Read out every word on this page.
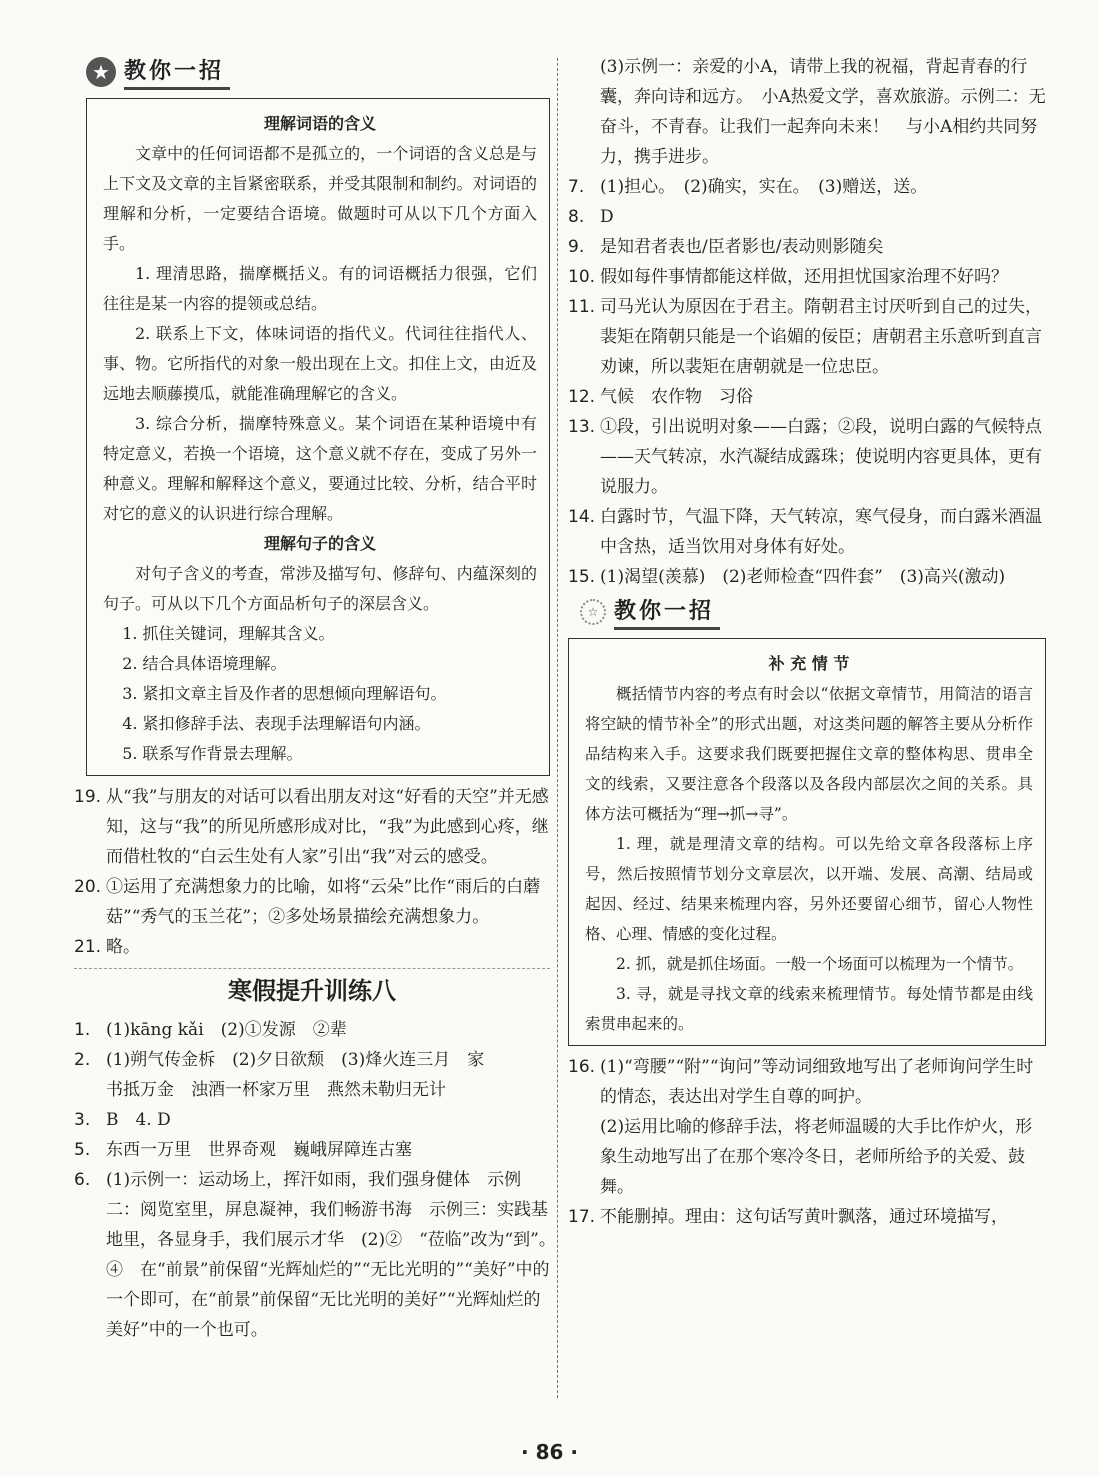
★ 教你一招
理解词语的含义

文章中的任何词语都不是孤立的，一个词语的含义总是与上下文及文章的主旨紧密联系，并受其限制和制约。对词语的理解和分析，一定要结合语境。做题时可从以下几个方面入手。

1. 理清思路，揣摩概括义。有的词语概括力很强，它们往往是某一内容的提领或总结。

2. 联系上下文，体味词语的指代义。代词往往指代人、事、物。它所指代的对象一般出现在上文。扣住上文，由近及远地去顺藤摸瓜，就能准确理解它的含义。

3. 综合分析，揣摩特殊意义。某个词语在某种语境中有特定意义，若换一个语境，这个意义就不存在，变成了另外一种意义。理解和解释这个意义，要通过比较、分析，结合平时对它的意义的认识进行综合理解。

理解句子的含义

对句子含义的考查，常涉及描写句、修辞句、内蕴深刻的句子。可从以下几个方面品析句子的深层含义。

1. 抓住关键词，理解其含义。
2. 结合具体语境理解。
3. 紧扣文章主旨及作者的思想倾向理解语句。
4. 紧扣修辞手法、表现手法理解语句内涵。
5. 联系写作背景去理解。
19. 从“我”与朋友的对话可以看出朋友对这“好看的天空”并无感知，这与“我”的所见所感形成对比，“我”为此感到心疼，继而借杜牧的“白云生处有人家”引出“我”对云的感受。
20. ①运用了充满想象力的比喻，如将“云朵”比作“雨后的白蘑菇”“秀气的玉兰花”；②多处场景描绘充满想象力。
21. 略。
寒假提升训练八
1. (1)kāng kǎi　(2)①发源　②辈
2. (1)朔气传金柝　(2)夕日欲颓　(3)烽火连三月　家
书抵万金　浊酒一杯家万里　燕然未勒归无计
3. B　4. D
5. 东西一万里　世界奇观　巍峨屏障连古塞
6. (1)示例一：运动场上，挥汗如雨，我们强身健体　示例二：阅览室里，屏息凝神，我们畅游书海　示例三：实践基地里，各显身手，我们展示才华　(2)②　“莅临”改为“到”。　④　在“前景”前保留“光辉灿烂的”“无比光明的”“美好”中的一个即可，在“前景”前保留“无比光明的美好”“光辉灿烂的美好”中的一个也可。
(3)示例一：亲爱的小A，请带上我的祝福，背起青春的行囊，奔向诗和远方。　小A热爱文学，喜欢旅游。示例二：无奋斗，不青春。让我们一起奔向未来！　与小A相约共同努力，携手进步。
7. (1)担心。　(2)确实，实在。　(3)赠送，送。
8. D
9. 是知君者表也/臣者影也/表动则影随矣
10. 假如每件事情都能这样做，还用担忧国家治理不好吗？
11. 司马光认为原因在于君主。隋朝君主讨厌听到自己的过失，裴矩在隋朝只能是一个谄媚的佞臣；唐朝君主乐意听到直言劝谏，所以裴矩在唐朝就是一位忠臣。
12. 气候　农作物　习俗
13. ①段，引出说明对象——白露；②段，说明白露的气候特点——天气转凉，水汽凝结成露珠；使说明内容更具体，更有说服力。
14. 白露时节，气温下降，天气转凉，寒气侵身，而白露米酒温中含热，适当饮用对身体有好处。
15. (1)渴望(羡慕)　(2)老师检查“四件套”　(3)高兴(激动)
☆ 教你一招
补 充 情 节

概括情节内容的考点有时会以“依据文章情节，用简洁的语言将空缺的情节补全”的形式出题，对这类问题的解答主要从分析作品结构来入手。这要求我们既要把握住文章的整体构思、贯串全文的线索，又要注意各个段落以及各段内部层次之间的关系。具体方法可概括为“理→抓→寻”。

1. 理，就是理清文章的结构。可以先给文章各段落标上序号，然后按照情节划分文章层次，以开端、发展、高潮、结局或起因、经过、结果来梳理内容，另外还要留心细节，留心人物性格、心理、情感的变化过程。

2. 抓，就是抓住场面。一般一个场面可以梳理为一个情节。

3. 寻，就是寻找文章的线索来梳理情节。每处情节都是由线索贯串起来的。

16. (1)“弯腰”“附”“询问”等动词细致地写出了老师询问学生时的情态，表达出对学生自尊的呵护。
(2)运用比喻的修辞手法，将老师温暖的大手比作炉火，形象生动地写出了在那个寒冷冬日，老师所给予的关爱、鼓舞。
17. 不能删掉。理由：这句话写黄叶飘落，通过环境描写，
· 86 ·
